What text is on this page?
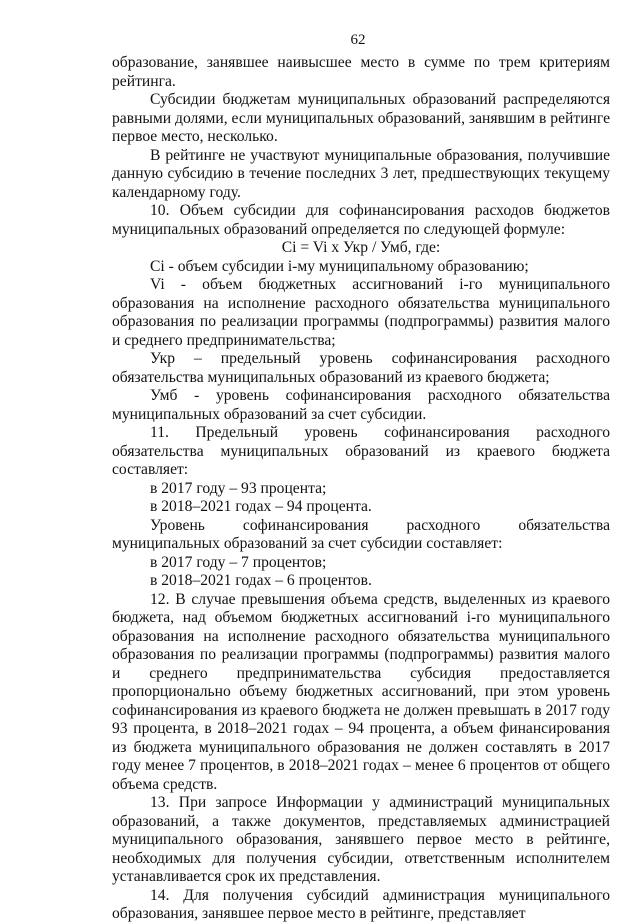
62

образование, занявшее наивысшее место в сумме по трем критериям рейтинга.

Субсидии бюджетам муниципальных образований распределяются равными долями, если муниципальных образований, занявшим в рейтинге первое место, несколько.

В рейтинге не участвуют муниципальные образования, получившие данную субсидию в течение последних 3 лет, предшествующих текущему календарному году.

10. Объем субсидии для софинансирования расходов бюджетов муниципальных образований определяется по следующей формуле:

Ci = Vi x Укр / Умб, где:

Ci - объем субсидии i-му муниципальному образованию;

Vi - объем бюджетных ассигнований i-го муниципального образования на исполнение расходного обязательства муниципального образования по реализации программы (подпрограммы) развития малого и среднего предпринимательства;

Укр – предельный уровень софинансирования расходного обязательства муниципальных образований из краевого бюджета;

Умб - уровень софинансирования расходного обязательства муниципальных образований за счет субсидии.

11. Предельный уровень софинансирования расходного обязательства муниципальных образований из краевого бюджета составляет:

в 2017 году – 93 процента;

в 2018–2021 годах – 94 процента.

Уровень софинансирования расходного обязательства муниципальных образований за счет субсидии составляет:

в 2017 году – 7 процентов;

в 2018–2021 годах – 6 процентов.

12. В случае превышения объема средств, выделенных из краевого бюджета, над объемом бюджетных ассигнований i-го муниципального образования на исполнение расходного обязательства муниципального образования по реализации программы (подпрограммы) развития малого и среднего предпринимательства субсидия предоставляется пропорционально объему бюджетных ассигнований, при этом уровень софинансирования из краевого бюджета не должен превышать в 2017 году 93 процента, в 2018–2021 годах – 94 процента, а объем финансирования из бюджета муниципального образования не должен составлять в 2017 году менее 7 процентов, в 2018–2021 годах – менее 6 процентов от общего объема средств.

13. При запросе Информации у администраций муниципальных образований, а также документов, представляемых администрацией муниципального образования, занявшего первое место в рейтинге, необходимых для получения субсидии, ответственным исполнителем устанавливается срок их представления.

14. Для получения субсидий администрация муниципального образования, занявшее первое место в рейтинге, представляет
